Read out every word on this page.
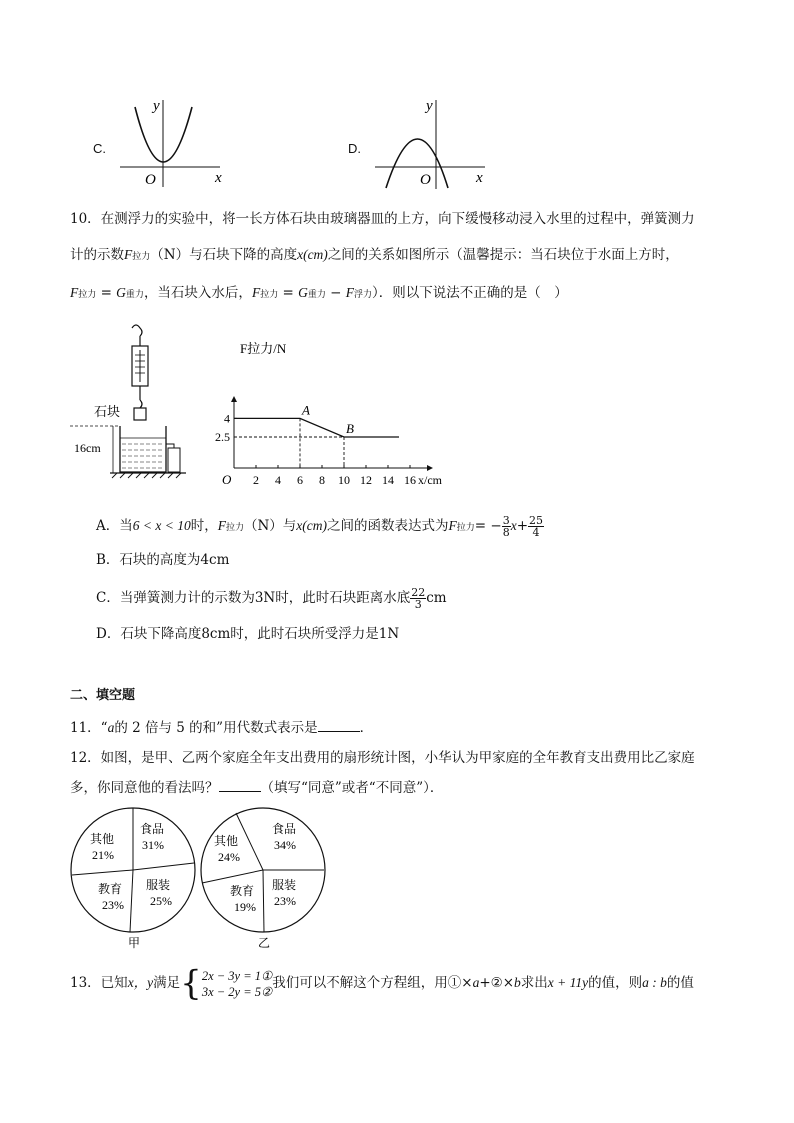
C.
y
x
O
D.
y
x
O
10．在测浮力的实验中，将一长方体石块由玻璃器皿的上方，向下缓慢移动浸入水里的过程中，弹簧测力
计的示数F拉力（N）与石块下降的高度x(cm)之间的关系如图所示（温馨提示：当石块位于水面上方时，
F拉力 = G重力，当石块入水后，F拉力 = G重力 − F浮力）．则以下说法不正确的是（　）
石块
16cm
2 4 6 8 10 12 14 16
2.5
4
A
B
O
F拉力/N
x/cm
A．当6 < x < 10时，F拉力（N）与x(cm)之间的函数表达式为F拉力= − $\frac{3}{8} x+ \frac{25}{4}$
B．石块的高度为4cm
C．当弹簧测力计的示数为3N时，此时石块距离水底 $\frac{22}{3}$ cm
D．石块下降高度8cm时，此时石块所受浮力是1N
二、填空题
11．“a的 2 倍与 5 的和”用代数式表示是	．
12．如图，是甲、乙两个家庭全年支出费用的扇形统计图，小华认为甲家庭的全年教育支出费用比乙家庭
多，你同意他的看法吗？	（填写“同意”或者“不同意”）．
其他
21%
食品
31%
教育
23%
服装
25%
甲
其他
24%
食品
34%
教育
19%
服装
23%
乙
13．已知x，y满足{ 2x − 3y = 1①
3x − 2y = 5②
我们可以不解这个方程组，用①×a+②×b求出x + 11y的值，则a : b的值
